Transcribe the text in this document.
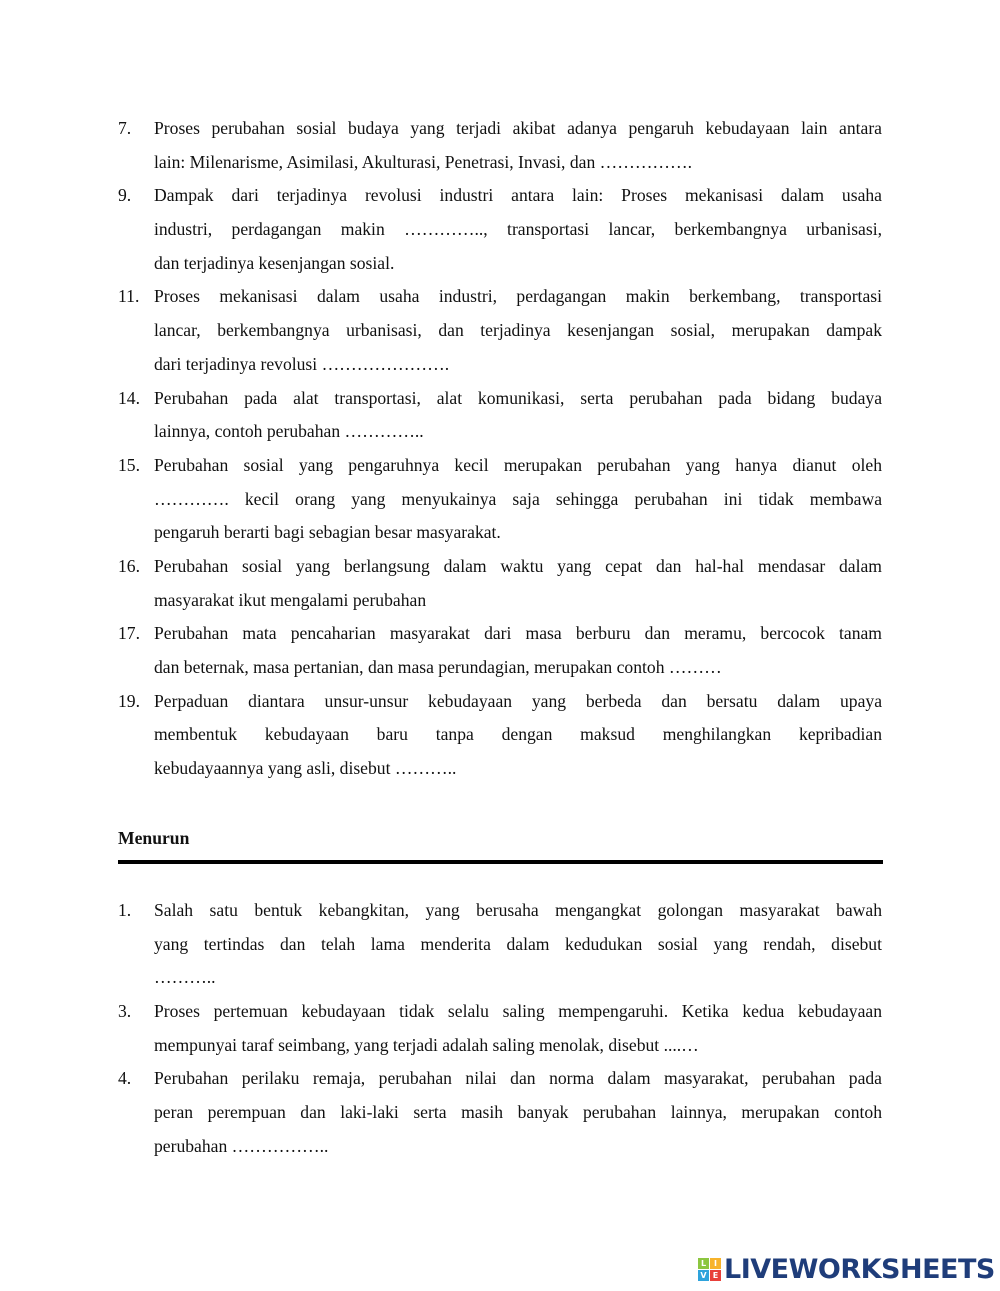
7. Proses perubahan sosial budaya yang terjadi akibat adanya pengaruh kebudayaan lain antara
lain: Milenarisme, Asimilasi, Akulturasi, Penetrasi, Invasi, dan …………….
9. Dampak dari terjadinya revolusi industri antara lain: Proses mekanisasi dalam usaha
industri, perdagangan makin ………….., transportasi lancar, berkembangnya urbanisasi,
dan terjadinya kesenjangan sosial.
11. Proses mekanisasi dalam usaha industri, perdagangan makin berkembang, transportasi
lancar, berkembangnya urbanisasi, dan terjadinya kesenjangan sosial, merupakan dampak
dari terjadinya revolusi ………………….
14. Perubahan pada alat transportasi, alat komunikasi, serta perubahan pada bidang budaya
lainnya, contoh perubahan …………..
15. Perubahan sosial yang pengaruhnya kecil merupakan perubahan yang hanya dianut oleh
…………. kecil orang yang menyukainya saja sehingga perubahan ini tidak membawa
pengaruh berarti bagi sebagian besar masyarakat.
16. Perubahan sosial yang berlangsung dalam waktu yang cepat dan hal-hal mendasar dalam
masyarakat ikut mengalami perubahan
17. Perubahan mata pencaharian masyarakat dari masa berburu dan meramu, bercocok tanam
dan beternak, masa pertanian, dan masa perundagian, merupakan contoh ………
19. Perpaduan diantara unsur-unsur kebudayaan yang berbeda dan bersatu dalam upaya
membentuk kebudayaan baru tanpa dengan maksud menghilangkan kepribadian
kebudayaannya yang asli, disebut ………..
Menurun
1. Salah satu bentuk kebangkitan, yang berusaha mengangkat golongan masyarakat bawah
yang tertindas dan telah lama menderita dalam kedudukan sosial yang rendah, disebut
………..
3. Proses pertemuan kebudayaan tidak selalu saling mempengaruhi. Ketika kedua kebudayaan
mempunyai taraf seimbang, yang terjadi adalah saling menolak, disebut ....…
4. Perubahan perilaku remaja, perubahan nilai dan norma dalam masyarakat, perubahan pada
peran perempuan dan laki-laki serta masih banyak perubahan lainnya, merupakan contoh
perubahan ……………..
L I
V E LIVEWORKSHEETS
